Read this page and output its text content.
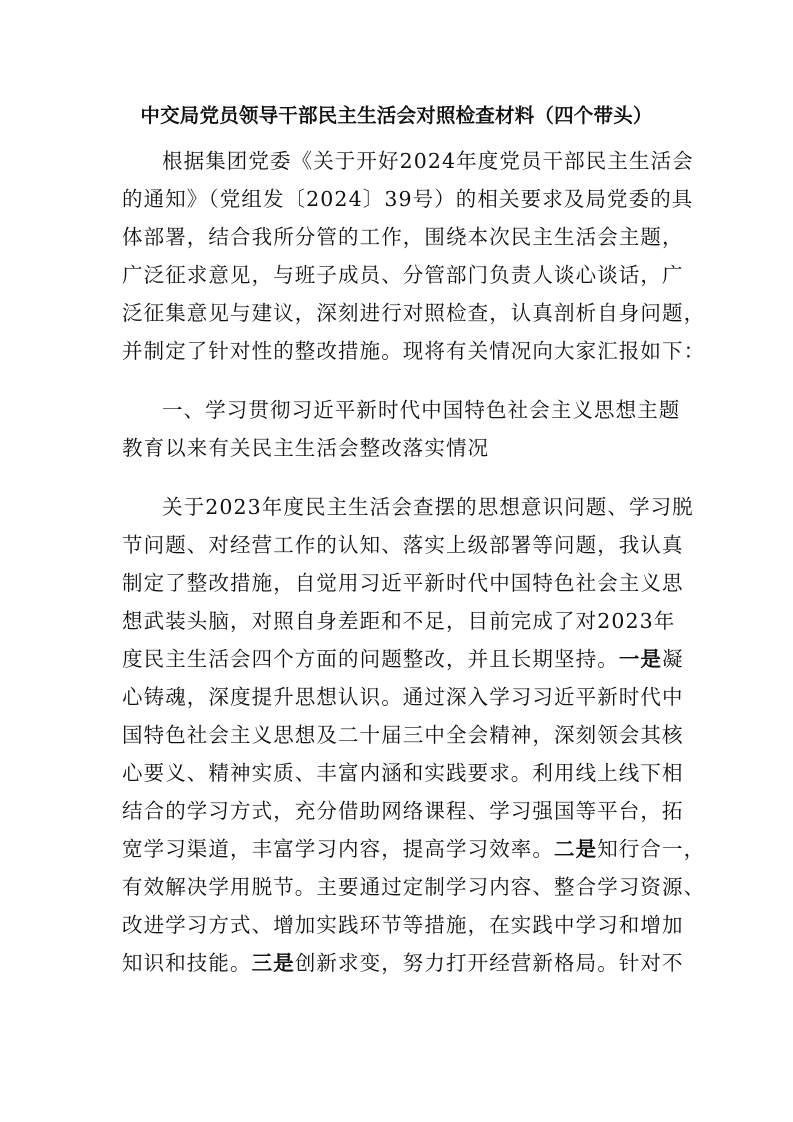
中交局党员领导干部民主生活会对照检查材料（四个带头）
根据集团党委《关于开好2024年度党员干部民主生活会
的通知》（党组发〔2024〕39号）的相关要求及局党委的具
体部署，结合我所分管的工作，围绕本次民主生活会主题，
广泛征求意见，与班子成员、分管部门负责人谈心谈话，广
泛征集意见与建议，深刻进行对照检查，认真剖析自身问题，
并制定了针对性的整改措施。现将有关情况向大家汇报如下：
一、学习贯彻习近平新时代中国特色社会主义思想主题
教育以来有关民主生活会整改落实情况
关于2023年度民主生活会查摆的思想意识问题、学习脱
节问题、对经营工作的认知、落实上级部署等问题，我认真
制定了整改措施，自觉用习近平新时代中国特色社会主义思
想武装头脑，对照自身差距和不足，目前完成了对2023年
度民主生活会四个方面的问题整改，并且长期坚持。一是凝
心铸魂，深度提升思想认识。通过深入学习习近平新时代中
国特色社会主义思想及二十届三中全会精神，深刻领会其核
心要义、精神实质、丰富内涵和实践要求。利用线上线下相
结合的学习方式，充分借助网络课程、学习强国等平台，拓
宽学习渠道，丰富学习内容，提高学习效率。二是知行合一，
有效解决学用脱节。主要通过定制学习内容、整合学习资源、
改进学习方式、增加实践环节等措施，在实践中学习和增加
知识和技能。三是创新求变，努力打开经营新格局。针对不
